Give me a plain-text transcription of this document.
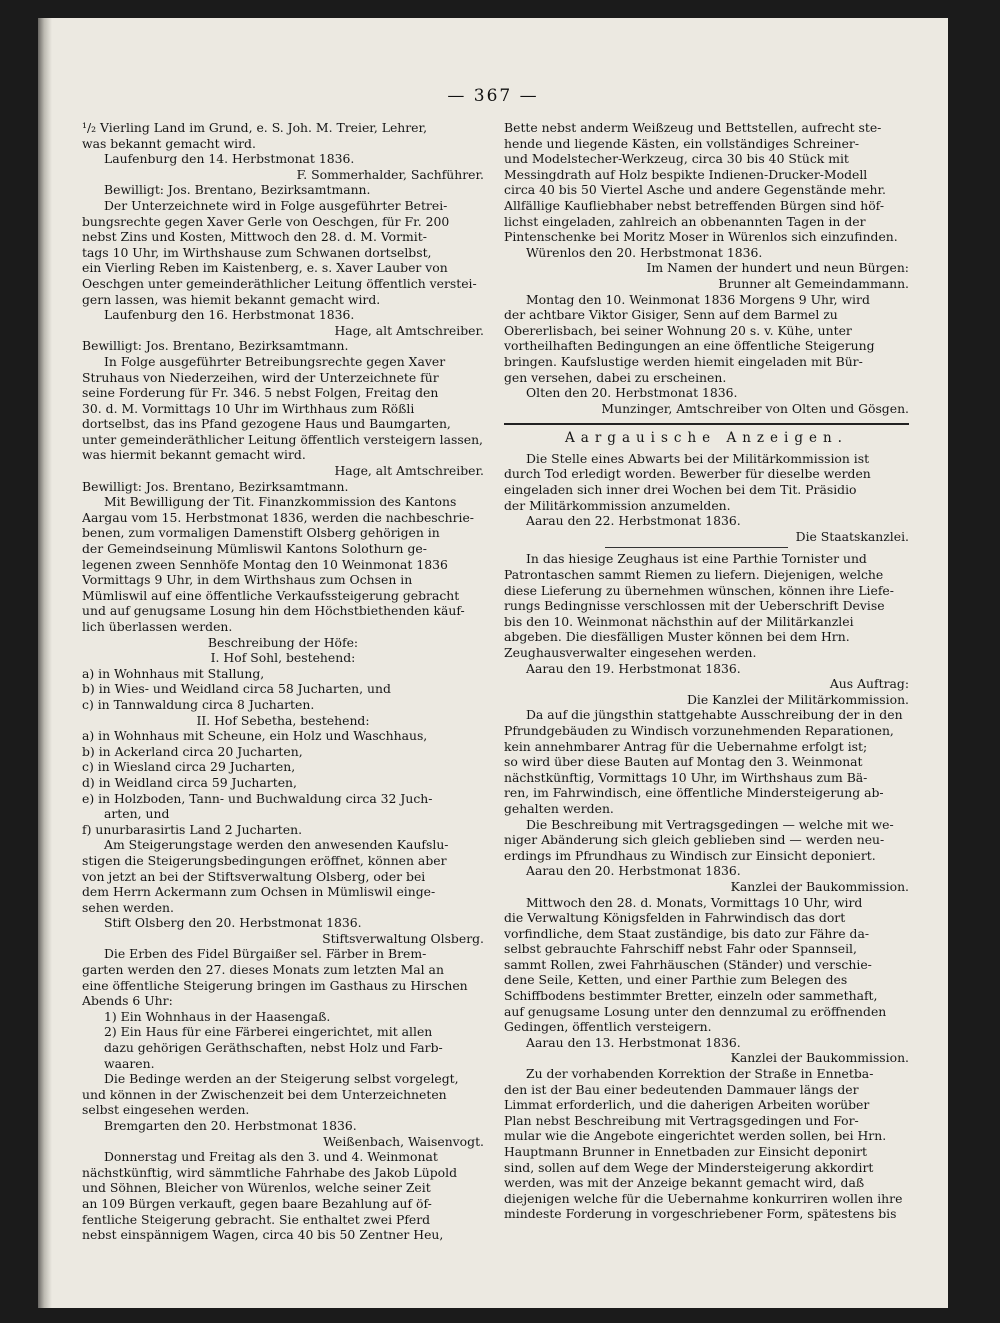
— 367 —
¹/₂ Vierling Land im Grund, e. S. Joh. M. Treier, Lehrer,
was bekannt gemacht wird.
Laufenburg den 14. Herbstmonat 1836.
F. Sommerhalder, Sachführer.
Bewilligt: Jos. Brentano, Bezirksamtmann.
Der Unterzeichnete wird in Folge ausgeführter Betrei-
bungsrechte gegen Xaver Gerle von Oeschgen, für Fr. 200
nebst Zins und Kosten, Mittwoch den 28. d. M. Vormit-
tags 10 Uhr, im Wirthshause zum Schwanen dortselbst,
ein Vierling Reben im Kaistenberg, e. s. Xaver Lauber von
Oeschgen unter gemeinderäthlicher Leitung öffentlich verstei-
gern lassen, was hiemit bekannt gemacht wird.
Laufenburg den 16. Herbstmonat 1836.
Hage, alt Amtschreiber.
Bewilligt: Jos. Brentano, Bezirksamtmann.
In Folge ausgeführter Betreibungsrechte gegen Xaver
Struhaus von Niederzeihen, wird der Unterzeichnete für
seine Forderung für Fr. 346. 5 nebst Folgen, Freitag den
30. d. M. Vormittags 10 Uhr im Wirthhaus zum Rößli
dortselbst, das ins Pfand gezogene Haus und Baumgarten,
unter gemeinderäthlicher Leitung öffentlich versteigern lassen,
was hiermit bekannt gemacht wird.
Hage, alt Amtschreiber.
Bewilligt: Jos. Brentano, Bezirksamtmann.
Mit Bewilligung der Tit. Finanzkommission des Kantons
Aargau vom 15. Herbstmonat 1836, werden die nachbeschrie-
benen, zum vormaligen Damenstift Olsberg gehörigen in
der Gemeindseinung Mümliswil Kantons Solothurn ge-
legenen zween Sennhöfe Montag den 10 Weinmonat 1836
Vormittags 9 Uhr, in dem Wirthshaus zum Ochsen in
Mümliswil auf eine öffentliche Verkaufssteigerung gebracht
und auf genugsame Losung hin dem Höchstbiethenden käuf-
lich überlassen werden.
Beschreibung der Höfe:
I. Hof Sohl, bestehend:
a) in Wohnhaus mit Stallung,
b) in Wies- und Weidland circa 58 Jucharten, und
c) in Tannwaldung circa 8 Jucharten.
II. Hof Sebetha, bestehend:
a) in Wohnhaus mit Scheune, ein Holz und Waschhaus,
b) in Ackerland circa 20 Jucharten,
c) in Wiesland circa 29 Jucharten,
d) in Weidland circa 59 Jucharten,
e) in Holzboden, Tann- und Buchwaldung circa 32 Juch-
arten, und
f) unurbarasirtis Land 2 Jucharten.
Am Steigerungstage werden den anwesenden Kaufslu-
stigen die Steigerungsbedingungen eröffnet, können aber
von jetzt an bei der Stiftsverwaltung Olsberg, oder bei
dem Herrn Ackermann zum Ochsen in Mümliswil einge-
sehen werden.
Stift Olsberg den 20. Herbstmonat 1836.
Stiftsverwaltung Olsberg.
Die Erben des Fidel Bürgaißer sel. Färber in Brem-
garten werden den 27. dieses Monats zum letzten Mal an
eine öffentliche Steigerung bringen im Gasthaus zu Hirschen
Abends 6 Uhr:
1) Ein Wohnhaus in der Haasengaß.
2) Ein Haus für eine Färberei eingerichtet, mit allen
dazu gehörigen Geräthschaften, nebst Holz und Farb-
waaren.
Die Bedinge werden an der Steigerung selbst vorgelegt,
und können in der Zwischenzeit bei dem Unterzeichneten
selbst eingesehen werden.
Bremgarten den 20. Herbstmonat 1836.
Weißenbach, Waisenvogt.
Donnerstag und Freitag als den 3. und 4. Weinmonat
nächstkünftig, wird sämmtliche Fahrhabe des Jakob Lüpold
und Söhnen, Bleicher von Würenlos, welche seiner Zeit
an 109 Bürgen verkauft, gegen baare Bezahlung auf öf-
fentliche Steigerung gebracht. Sie enthaltet zwei Pferd
nebst einspännigem Wagen, circa 40 bis 50 Zentner Heu,
Bette nebst anderm Weißzeug und Bettstellen, aufrecht ste-
hende und liegende Kästen, ein vollständiges Schreiner-
und Modelstecher-Werkzeug, circa 30 bis 40 Stück mit
Messingdrath auf Holz bespikte Indienen-Drucker-Modell
circa 40 bis 50 Viertel Asche und andere Gegenstände mehr.
Allfällige Kaufliebhaber nebst betreffenden Bürgen sind höf-
lichst eingeladen, zahlreich an obbenannten Tagen in der
Pintenschenke bei Moritz Moser in Würenlos sich einzufinden.
Würenlos den 20. Herbstmonat 1836.
Im Namen der hundert und neun Bürgen:
Brunner alt Gemeindammann.
Montag den 10. Weinmonat 1836 Morgens 9 Uhr, wird
der achtbare Viktor Gisiger, Senn auf dem Barmel zu
Obererlisbach, bei seiner Wohnung 20 s. v. Kühe, unter
vortheilhaften Bedingungen an eine öffentliche Steigerung
bringen. Kaufslustige werden hiemit eingeladen mit Bür-
gen versehen, dabei zu erscheinen.
Olten den 20. Herbstmonat 1836.
Munzinger, Amtschreiber von Olten und Gösgen.
Aargauische Anzeigen.
Die Stelle eines Abwarts bei der Militärkommission ist
durch Tod erledigt worden. Bewerber für dieselbe werden
eingeladen sich inner drei Wochen bei dem Tit. Präsidio
der Militärkommission anzumelden.
Aarau den 22. Herbstmonat 1836.
Die Staatskanzlei.
In das hiesige Zeughaus ist eine Parthie Tornister und
Patrontaschen sammt Riemen zu liefern. Diejenigen, welche
diese Lieferung zu übernehmen wünschen, können ihre Liefe-
rungs Bedingnisse verschlossen mit der Ueberschrift Devise
bis den 10. Weinmonat nächsthin auf der Militärkanzlei
abgeben. Die diesfälligen Muster können bei dem Hrn.
Zeughausverwalter eingesehen werden.
Aarau den 19. Herbstmonat 1836.
Aus Auftrag:
Die Kanzlei der Militärkommission.
Da auf die jüngsthin stattgehabte Ausschreibung der in den
Pfrundgebäuden zu Windisch vorzunehmenden Reparationen,
kein annehmbarer Antrag für die Uebernahme erfolgt ist;
so wird über diese Bauten auf Montag den 3. Weinmonat
nächstkünftig, Vormittags 10 Uhr, im Wirthshaus zum Bä-
ren, im Fahrwindisch, eine öffentliche Mindersteigerung ab-
gehalten werden.
Die Beschreibung mit Vertragsgedingen — welche mit we-
niger Abänderung sich gleich geblieben sind — werden neu-
erdings im Pfrundhaus zu Windisch zur Einsicht deponiert.
Aarau den 20. Herbstmonat 1836.
Kanzlei der Baukommission.
Mittwoch den 28. d. Monats, Vormittags 10 Uhr, wird
die Verwaltung Königsfelden in Fahrwindisch das dort
vorfindliche, dem Staat zuständige, bis dato zur Fähre da-
selbst gebrauchte Fahrschiff nebst Fahr oder Spannseil,
sammt Rollen, zwei Fahrhäuschen (Ständer) und verschie-
dene Seile, Ketten, und einer Parthie zum Belegen des
Schiffbodens bestimmter Bretter, einzeln oder sammethaft,
auf genugsame Losung unter den dennzumal zu eröffnenden
Gedingen, öffentlich versteigern.
Aarau den 13. Herbstmonat 1836.
Kanzlei der Baukommission.
Zu der vorhabenden Korrektion der Straße in Ennetba-
den ist der Bau einer bedeutenden Dammauer längs der
Limmat erforderlich, und die daherigen Arbeiten worüber
Plan nebst Beschreibung mit Vertragsgedingen und For-
mular wie die Angebote eingerichtet werden sollen, bei Hrn.
Hauptmann Brunner in Ennetbaden zur Einsicht deponirt
sind, sollen auf dem Wege der Mindersteigerung akkordirt
werden, was mit der Anzeige bekannt gemacht wird, daß
diejenigen welche für die Uebernahme konkurriren wollen ihre
mindeste Forderung in vorgeschriebener Form, spätestens bis
